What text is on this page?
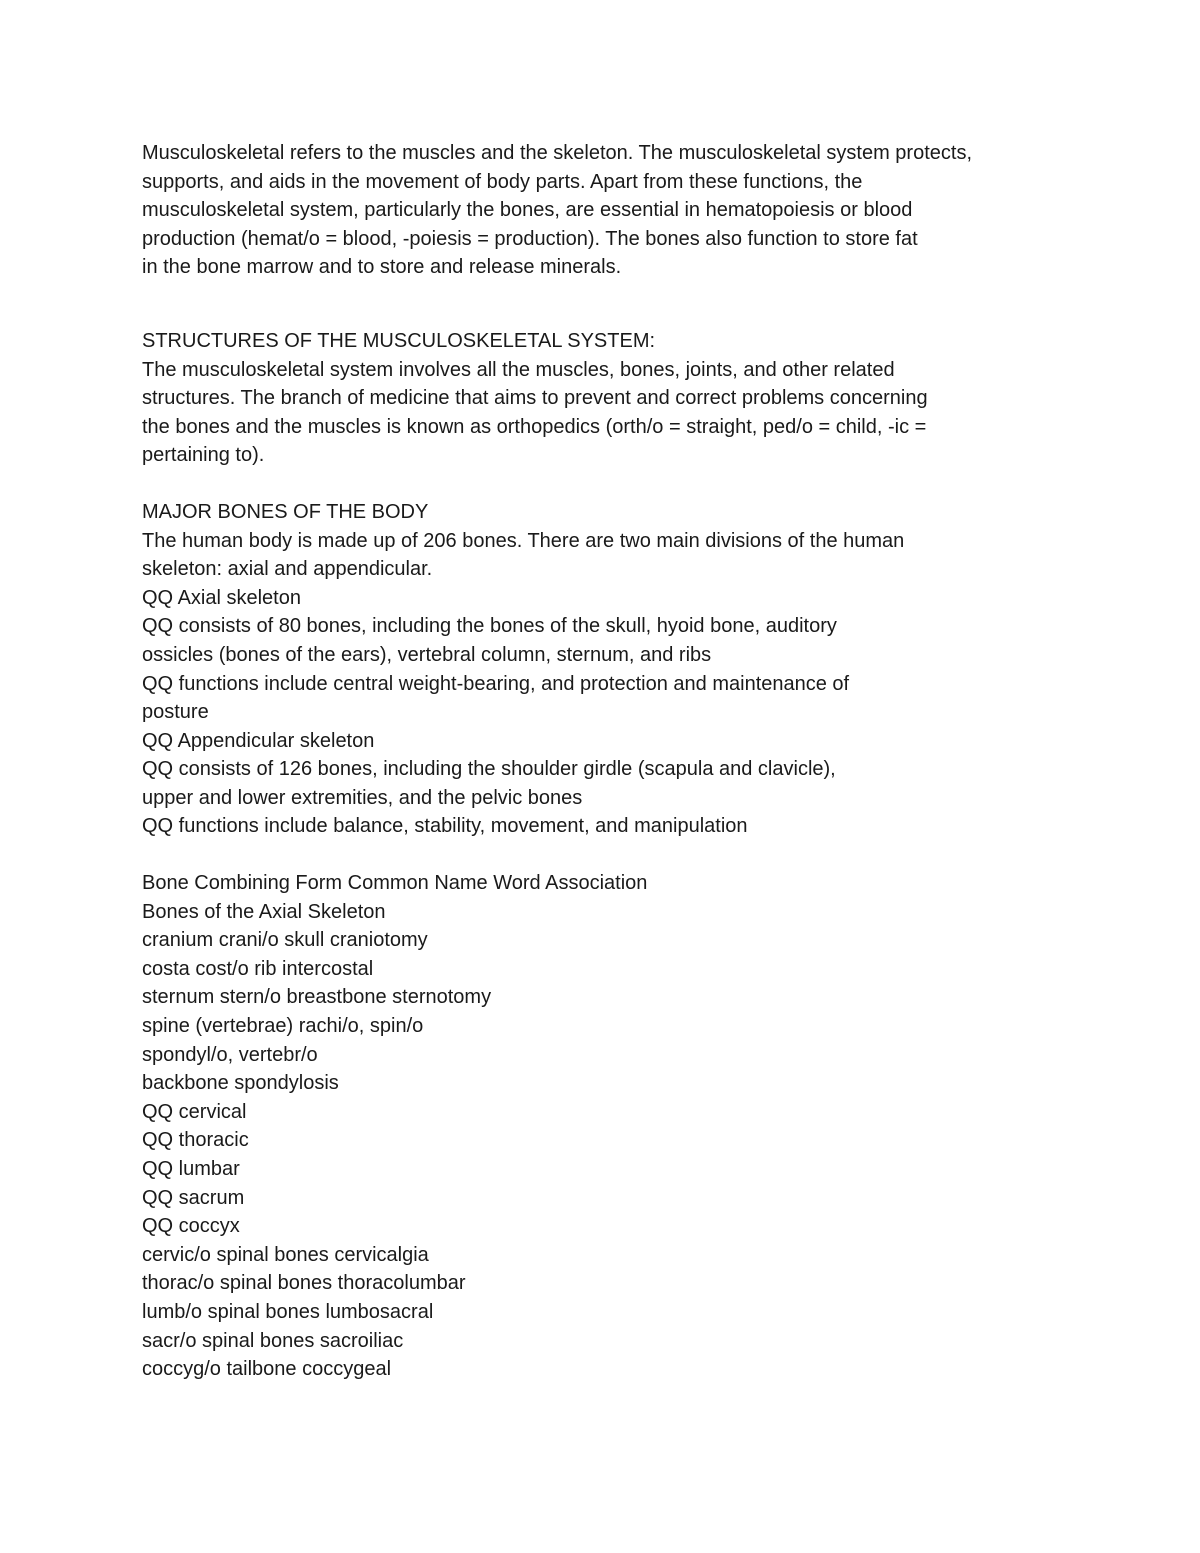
Musculoskeletal refers to the muscles and the skeleton. The musculoskeletal system protects,
supports, and aids in the movement of body parts. Apart from these functions, the
musculoskeletal system, particularly the bones, are essential in hematopoiesis or blood
production (hemat/o = blood, -poiesis = production). The bones also function to store fat
in the bone marrow and to store and release minerals.
STRUCTURES OF THE MUSCULOSKELETAL SYSTEM:
The musculoskeletal system involves all the muscles, bones, joints, and other related
structures. The branch of medicine that aims to prevent and correct problems concerning
the bones and the muscles is known as orthopedics (orth/o = straight, ped/o = child, -ic =
pertaining to).
MAJOR BONES OF THE BODY
The human body is made up of 206 bones. There are two main divisions of the human
skeleton: axial and appendicular.
QQ Axial skeleton
QQ consists of 80 bones, including the bones of the skull, hyoid bone, auditory
ossicles (bones of the ears), vertebral column, sternum, and ribs
QQ functions include central weight-bearing, and protection and maintenance of
posture
QQ Appendicular skeleton
QQ consists of 126 bones, including the shoulder girdle (scapula and clavicle),
upper and lower extremities, and the pelvic bones
QQ functions include balance, stability, movement, and manipulation
Bone Combining Form Common Name Word Association
Bones of the Axial Skeleton
cranium crani/o skull craniotomy
costa cost/o rib intercostal
sternum stern/o breastbone sternotomy
spine (vertebrae) rachi/o, spin/o
spondyl/o, vertebr/o
backbone spondylosis
QQ cervical
QQ thoracic
QQ lumbar
QQ sacrum
QQ coccyx
cervic/o spinal bones cervicalgia
thorac/o spinal bones thoracolumbar
lumb/o spinal bones lumbosacral
sacr/o spinal bones sacroiliac
coccyg/o tailbone coccygeal
